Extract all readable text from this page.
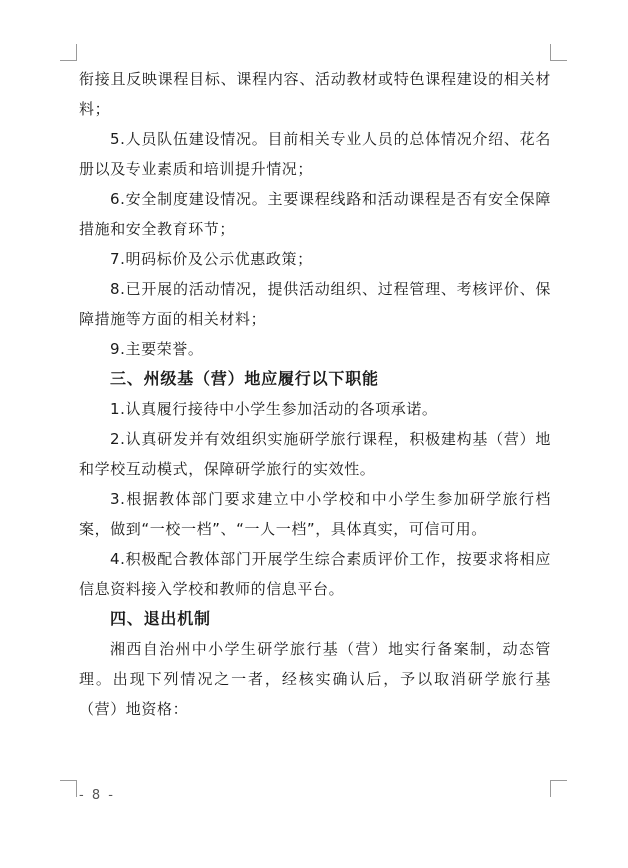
衔接且反映课程目标、课程内容、活动教材或特色课程建设的相关材料；

5.人员队伍建设情况。目前相关专业人员的总体情况介绍、花名册以及专业素质和培训提升情况；

6.安全制度建设情况。主要课程线路和活动课程是否有安全保障措施和安全教育环节；

7.明码标价及公示优惠政策；

8.已开展的活动情况，提供活动组织、过程管理、考核评价、保障措施等方面的相关材料；

9.主要荣誉。

三、州级基（营）地应履行以下职能

1.认真履行接待中小学生参加活动的各项承诺。

2.认真研发并有效组织实施研学旅行课程，积极建构基（营）地和学校互动模式，保障研学旅行的实效性。

3.根据教体部门要求建立中小学校和中小学生参加研学旅行档案，做到“一校一档”、“一人一档”，具体真实，可信可用。

4.积极配合教体部门开展学生综合素质评价工作，按要求将相应信息资料接入学校和教师的信息平台。

四、退出机制

湘西自治州中小学生研学旅行基（营）地实行备案制，动态管理。出现下列情况之一者，经核实确认后，予以取消研学旅行基（营）地资格：

- 8 -
